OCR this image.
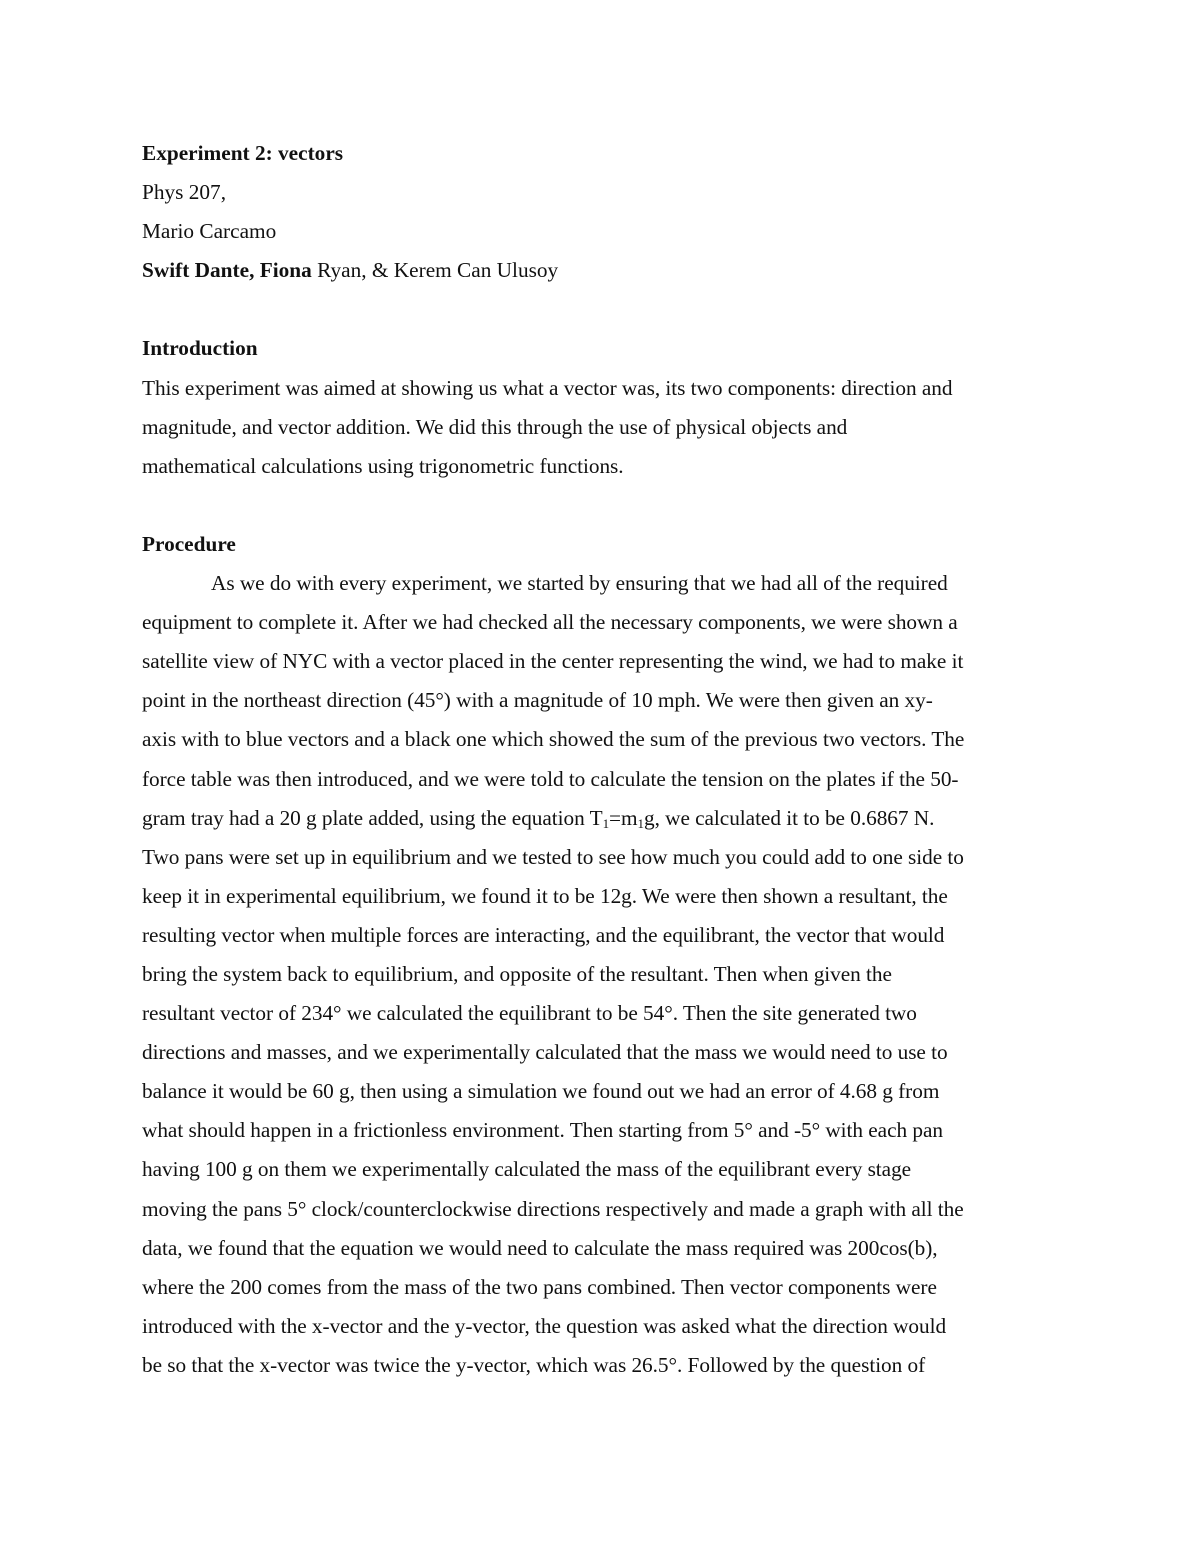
Experiment 2: vectors
Phys 207,
Mario Carcamo
Swift Dante, Fiona Ryan, & Kerem Can Ulusoy
Introduction
This experiment was aimed at showing us what a vector was, its two components: direction and
magnitude, and vector addition. We did this through the use of physical objects and
mathematical calculations using trigonometric functions.
Procedure
As we do with every experiment, we started by ensuring that we had all of the required
equipment to complete it. After we had checked all the necessary components, we were shown a
satellite view of NYC with a vector placed in the center representing the wind, we had to make it
point in the northeast direction (45°) with a magnitude of 10 mph. We were then given an xy-
axis with to blue vectors and a black one which showed the sum of the previous two vectors. The
force table was then introduced, and we were told to calculate the tension on the plates if the 50-
gram tray had a 20 g plate added, using the equation $T_1=m_1g$, we calculated it to be 0.6867 N.
Two pans were set up in equilibrium and we tested to see how much you could add to one side to
keep it in experimental equilibrium, we found it to be 12g. We were then shown a resultant, the
resulting vector when multiple forces are interacting, and the equilibrant, the vector that would
bring the system back to equilibrium, and opposite of the resultant. Then when given the
resultant vector of 234° we calculated the equilibrant to be 54°. Then the site generated two
directions and masses, and we experimentally calculated that the mass we would need to use to
balance it would be 60 g, then using a simulation we found out we had an error of 4.68 g from
what should happen in a frictionless environment. Then starting from 5° and -5° with each pan
having 100 g on them we experimentally calculated the mass of the equilibrant every stage
moving the pans 5° clock/counterclockwise directions respectively and made a graph with all the
data, we found that the equation we would need to calculate the mass required was 200cos(b),
where the 200 comes from the mass of the two pans combined. Then vector components were
introduced with the x-vector and the y-vector, the question was asked what the direction would
be so that the x-vector was twice the y-vector, which was 26.5°. Followed by the question of
